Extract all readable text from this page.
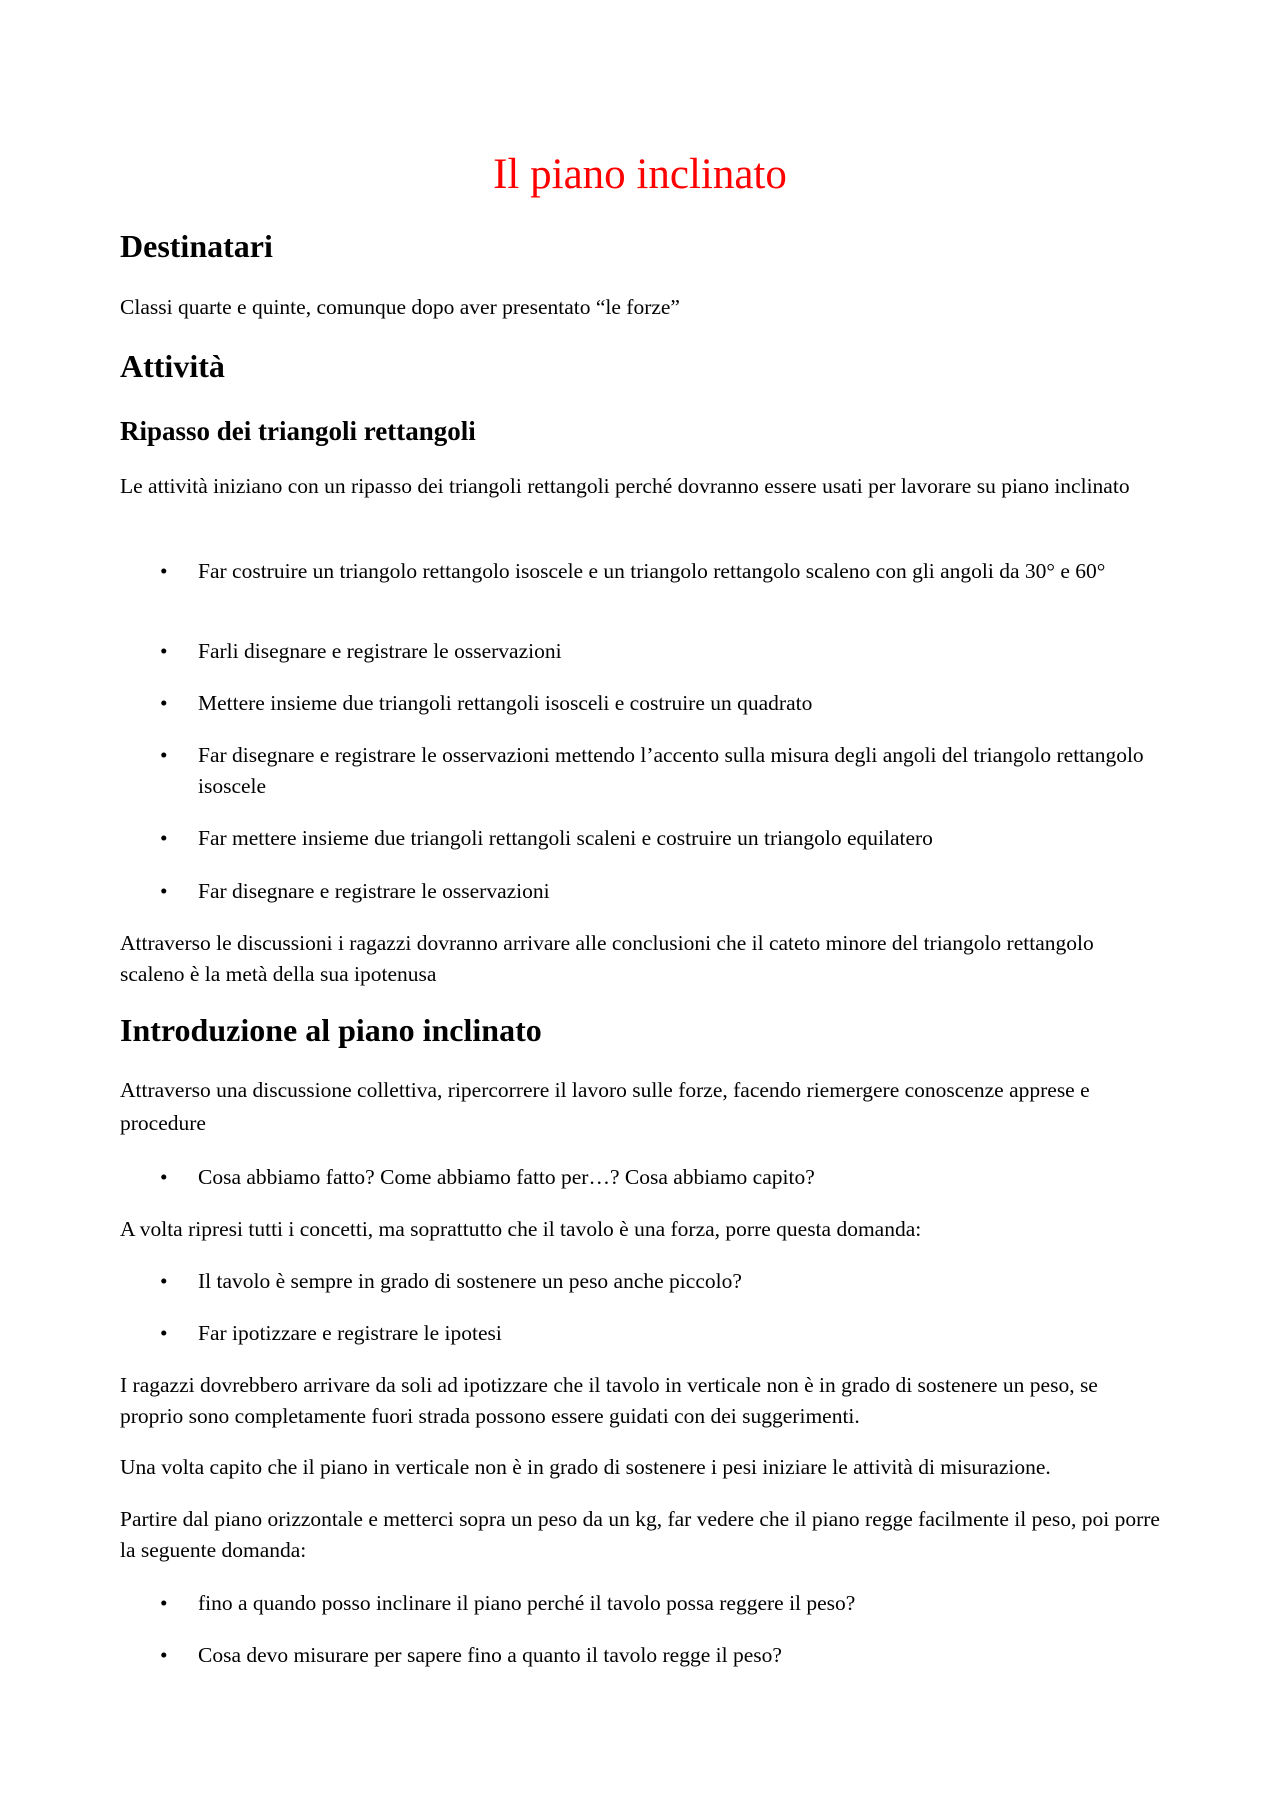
Il piano inclinato
Destinatari

Classi quarte e quinte, comunque dopo aver presentato “le forze”

Attività
Ripasso dei triangoli rettangoli

Le attività iniziano con un ripasso dei triangoli rettangoli perché dovranno essere usati per lavorare su piano inclinato

• Far costruire un triangolo rettangolo isoscele e un triangolo rettangolo scaleno con gli angoli da 30° e 60°
• Farli disegnare e registrare le osservazioni
• Mettere insieme due triangoli rettangoli isosceli e costruire un quadrato
• Far disegnare e registrare le osservazioni mettendo l’accento sulla misura degli angoli del triangolo rettangolo isoscele
• Far mettere insieme due triangoli rettangoli scaleni e costruire un triangolo equilatero
• Far disegnare e registrare le osservazioni

Attraverso le discussioni i ragazzi dovranno arrivare alle conclusioni che il cateto minore del triangolo rettangolo scaleno è la metà della sua ipotenusa

Introduzione al piano inclinato

Attraverso una discussione collettiva, ripercorrere il lavoro sulle forze, facendo riemergere conoscenze apprese e procedure

• Cosa abbiamo fatto? Come abbiamo fatto per…? Cosa abbiamo capito?

A volta ripresi tutti i concetti, ma soprattutto che il tavolo è una forza, porre questa domanda:

• Il tavolo è sempre in grado di sostenere un peso anche piccolo?
• Far ipotizzare e registrare le ipotesi

I ragazzi dovrebbero arrivare da soli ad ipotizzare che il tavolo in verticale non è in grado di sostenere un peso, se proprio sono completamente fuori strada possono essere guidati con dei suggerimenti.

Una volta capito che il piano in verticale non è in grado di sostenere i pesi iniziare le attività di misurazione.

Partire dal piano orizzontale e metterci sopra un peso da un kg, far vedere che il piano regge facilmente il peso, poi porre la seguente domanda:

• fino a quando posso inclinare il piano perché il tavolo possa reggere il peso?
• Cosa devo misurare per sapere fino a quanto il tavolo regge il peso?
